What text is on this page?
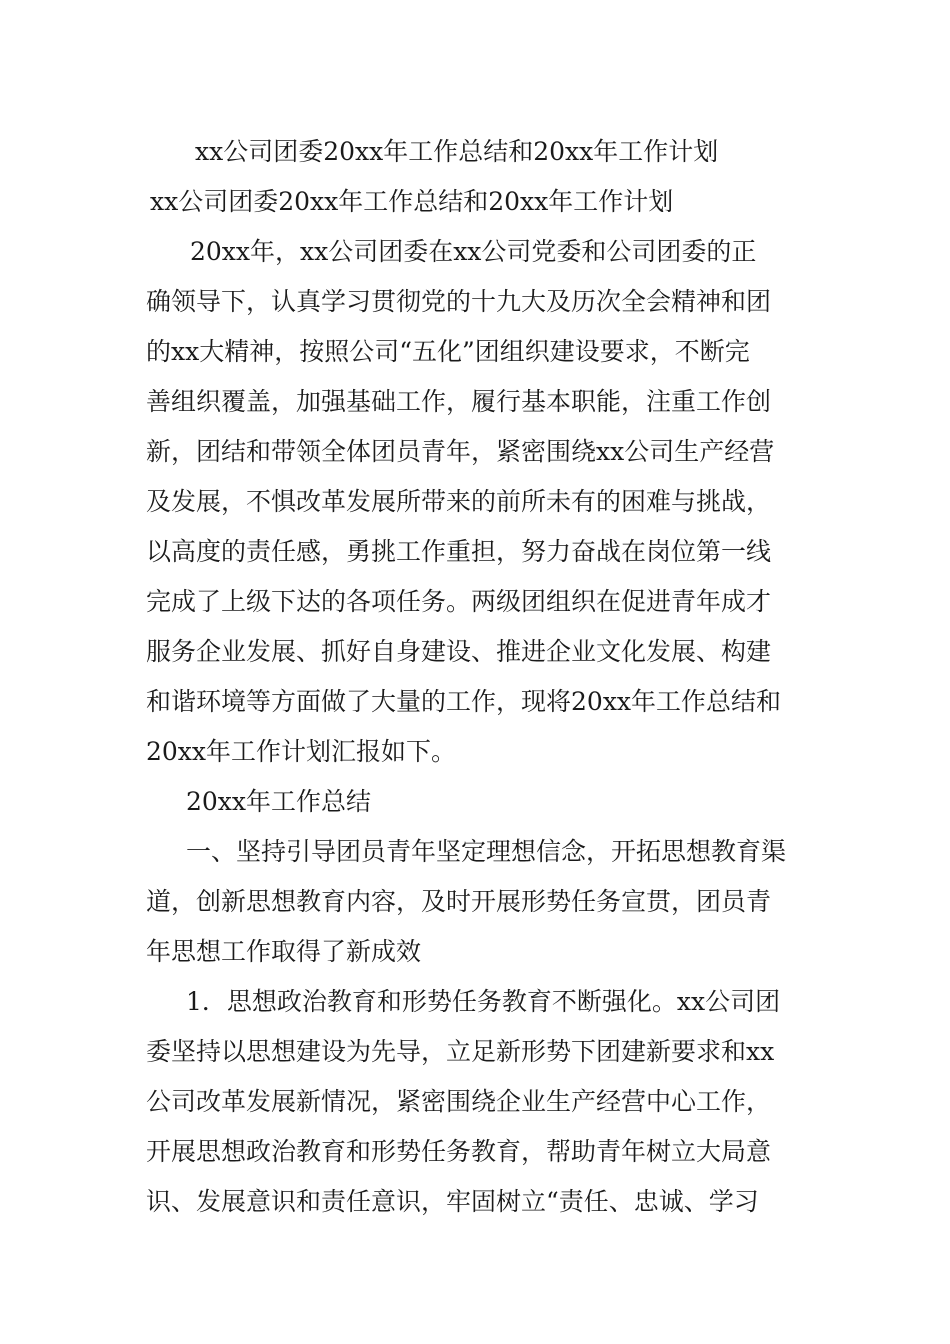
xx公司团委20xx年工作总结和20xx年工作计划
xx公司团委20xx年工作总结和20xx年工作计划
20xx年，xx公司团委在xx公司党委和公司团委的正
确领导下，认真学习贯彻党的十九大及历次全会精神和团
的xx大精神，按照公司“五化”团组织建设要求，不断完
善组织覆盖，加强基础工作，履行基本职能，注重工作创
新，团结和带领全体团员青年，紧密围绕xx公司生产经营
及发展，不惧改革发展所带来的前所未有的困难与挑战，
以高度的责任感，勇挑工作重担，努力奋战在岗位第一线
完成了上级下达的各项任务。两级团组织在促进青年成才
服务企业发展、抓好自身建设、推进企业文化发展、构建
和谐环境等方面做了大量的工作，现将20xx年工作总结和
20xx年工作计划汇报如下。
20xx年工作总结
一、坚持引导团员青年坚定理想信念，开拓思想教育渠
道，创新思想教育内容，及时开展形势任务宣贯，团员青
年思想工作取得了新成效
1．思想政治教育和形势任务教育不断强化。xx公司团
委坚持以思想建设为先导，立足新形势下团建新要求和xx
公司改革发展新情况，紧密围绕企业生产经营中心工作，
开展思想政治教育和形势任务教育，帮助青年树立大局意
识、发展意识和责任意识，牢固树立“责任、忠诚、学习
